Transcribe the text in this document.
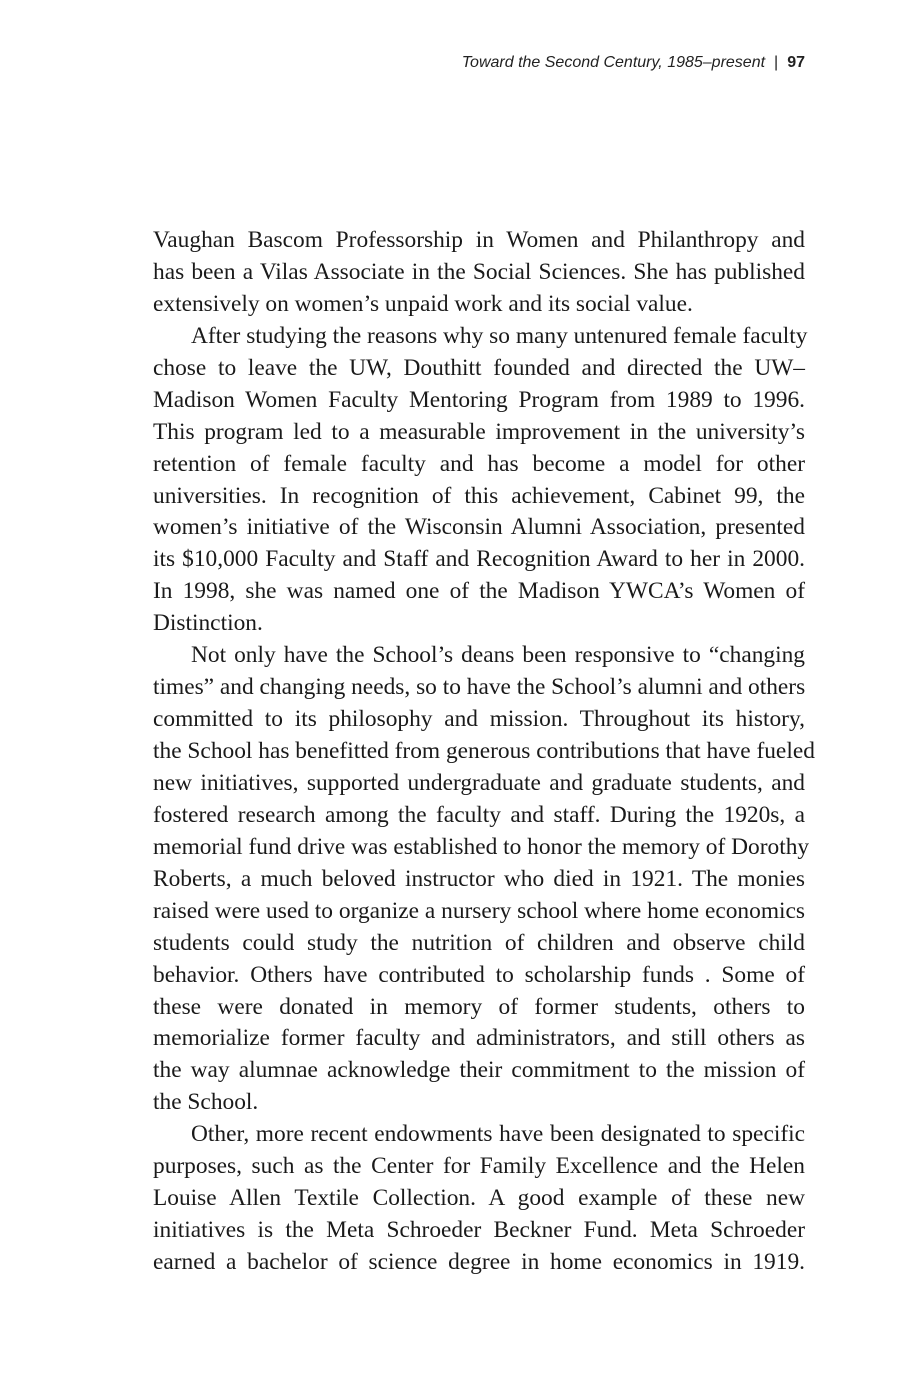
Toward the Second Century, 1985–present | 97
Vaughan Bascom Professorship in Women and Philanthropy and
has been a Vilas Associate in the Social Sciences. She has published
extensively on women’s unpaid work and its social value.
After studying the reasons why so many untenured female faculty
chose to leave the UW, Douthitt founded and directed the UW–
Madison Women Faculty Mentoring Program from 1989 to 1996.
This program led to a measurable improvement in the university’s
retention of female faculty and has become a model for other
universities. In recognition of this achievement, Cabinet 99, the
women’s initiative of the Wisconsin Alumni Association, presented
its $10,000 Faculty and Staff and Recognition Award to her in 2000.
In 1998, she was named one of the Madison YWCA’s Women of
Distinction.
Not only have the School’s deans been responsive to “changing
times” and changing needs, so to have the School’s alumni and others
committed to its philosophy and mission. Throughout its history,
the School has benefitted from generous contributions that have fueled
new initiatives, supported undergraduate and graduate students, and
fostered research among the faculty and staff. During the 1920s, a
memorial fund drive was established to honor the memory of Dorothy
Roberts, a much beloved instructor who died in 1921. The monies
raised were used to organize a nursery school where home economics
students could study the nutrition of children and observe child
behavior. Others have contributed to scholarship funds . Some of
these were donated in memory of former students, others to
memorialize former faculty and administrators, and still others as
the way alumnae acknowledge their commitment to the mission of
the School.
Other, more recent endowments have been designated to specific
purposes, such as the Center for Family Excellence and the Helen
Louise Allen Textile Collection. A good example of these new
initiatives is the Meta Schroeder Beckner Fund. Meta Schroeder
earned a bachelor of science degree in home economics in 1919.
